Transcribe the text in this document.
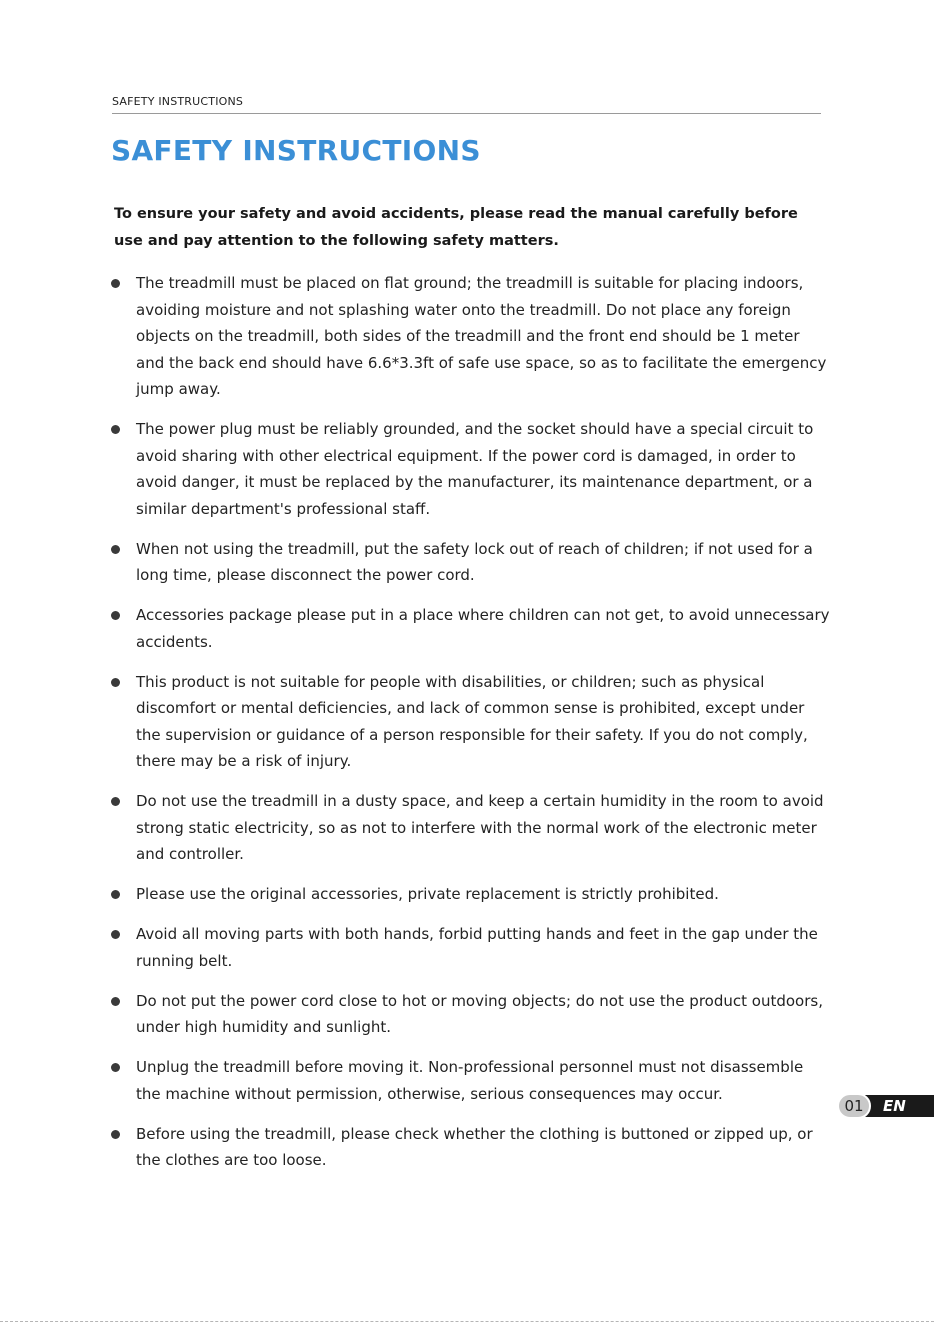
SAFETY INSTRUCTIONS
SAFETY INSTRUCTIONS

To ensure your safety and avoid accidents, please read the manual carefully before use and pay attention to the following safety matters.

The treadmill must be placed on flat ground; the treadmill is suitable for placing indoors, avoiding moisture and not splashing water onto the treadmill. Do not place any foreign objects on the treadmill, both sides of the treadmill and the front end should be 1 meter and the back end should have 6.6*3.3ft of safe use space, so as to facilitate the emergency jump away.
The power plug must be reliably grounded, and the socket should have a special circuit to avoid sharing with other electrical equipment. If the power cord is damaged, in order to avoid danger, it must be replaced by the manufacturer, its maintenance department, or a similar department's professional staff.
When not using the treadmill, put the safety lock out of reach of children; if not used for a long time, please disconnect the power cord.
Accessories package please put in a place where children can not get, to avoid unnecessary accidents.
This product is not suitable for people with disabilities, or children; such as physical discomfort or mental deficiencies, and lack of common sense is prohibited, except under the supervision or guidance of a person responsible for their safety. If you do not comply, there may be a risk of injury.
Do not use the treadmill in a dusty space, and keep a certain humidity in the room to avoid strong static electricity, so as not to interfere with the normal work of the electronic meter and controller.
Please use the original accessories, private replacement is strictly prohibited.
Avoid all moving parts with both hands, forbid putting hands and feet in the gap under the running belt.
Do not put the power cord close to hot or moving objects; do not use the product outdoors, under high humidity and sunlight.
Unplug the treadmill before moving it. Non-professional personnel must not disassemble the machine without permission, otherwise, serious consequences may occur.
Before using the treadmill, please check whether the clothing is buttoned or zipped up, or the clothes are too loose.
01	EN
